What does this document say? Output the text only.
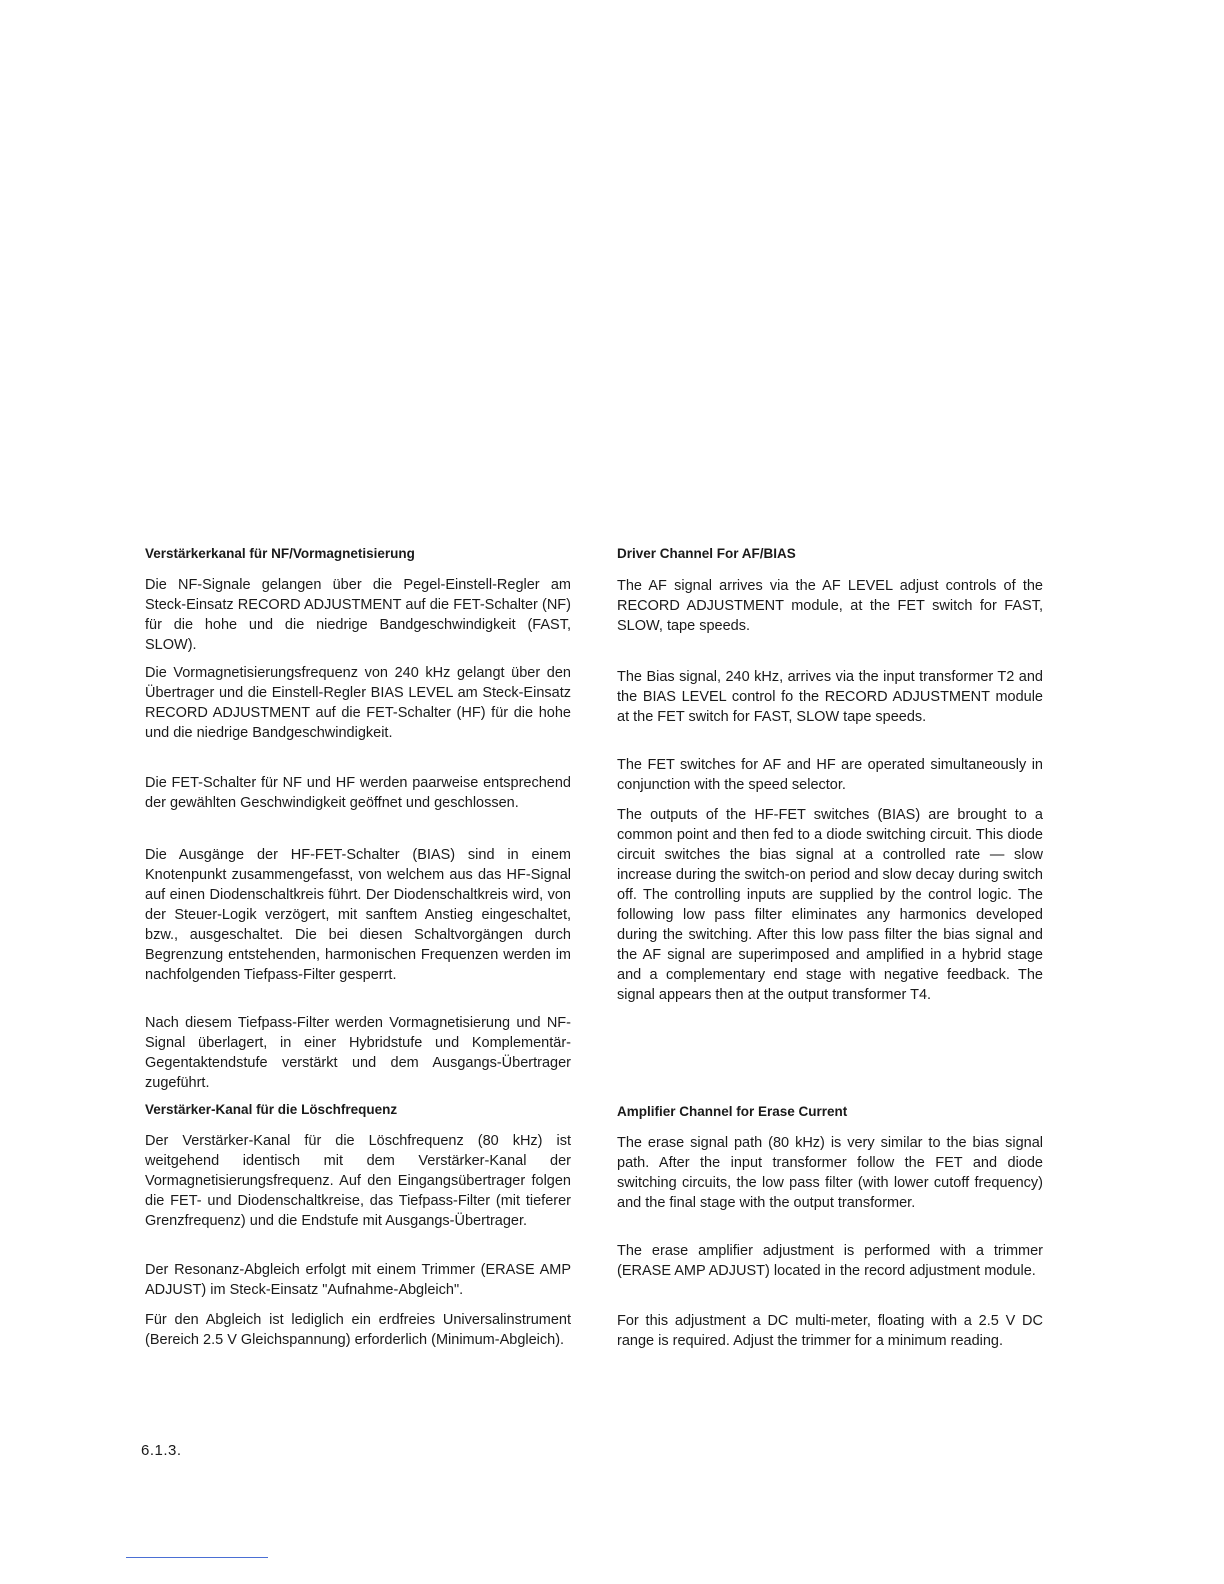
Verstärkerkanal für NF/Vormagnetisierung

Die NF-Signale gelangen über die Pegel-Einstell-Regler am Steck-Einsatz RECORD ADJUSTMENT auf die FET-Schalter (NF) für die hohe und die niedrige Bandgeschwindigkeit (FAST, SLOW).

Die Vormagnetisierungsfrequenz von 240 kHz gelangt über den Übertrager und die Einstell-Regler BIAS LEVEL am Steck-Einsatz RECORD ADJUSTMENT auf die FET-Schalter (HF) für die hohe und die niedrige Bandgeschwindigkeit.

Die FET-Schalter für NF und HF werden paarweise entsprechend der gewählten Geschwindigkeit geöffnet und geschlossen.

Die Ausgänge der HF-FET-Schalter (BIAS) sind in einem Knotenpunkt zusammengefasst, von welchem aus das HF-Signal auf einen Diodenschaltkreis führt. Der Diodenschaltkreis wird, von der Steuer-Logik verzögert, mit sanftem Anstieg eingeschaltet, bzw., ausgeschaltet. Die bei diesen Schaltvorgängen durch Begrenzung entstehenden, harmonischen Frequenzen werden im nachfolgenden Tiefpass-Filter gesperrt.

Nach diesem Tiefpass-Filter werden Vormagnetisierung und NF-Signal überlagert, in einer Hybridstufe und Komplementär-Gegentaktendstufe verstärkt und dem Ausgangs-Übertrager zugeführt.

Verstärker-Kanal für die Löschfrequenz

Der Verstärker-Kanal für die Löschfrequenz (80 kHz) ist weitgehend identisch mit dem Verstärker-Kanal der Vormagnetisierungsfrequenz. Auf den Eingangsübertrager folgen die FET- und Diodenschaltkreise, das Tiefpass-Filter (mit tieferer Grenzfrequenz) und die Endstufe mit Ausgangs-Übertrager.

Der Resonanz-Abgleich erfolgt mit einem Trimmer (ERASE AMP ADJUST) im Steck-Einsatz "Aufnahme-Abgleich".

Für den Abgleich ist lediglich ein erdfreies Universalinstrument (Bereich 2.5 V Gleichspannung) erforderlich (Minimum-Abgleich).

Driver Channel For AF/BIAS

The AF signal arrives via the AF LEVEL adjust controls of the RECORD ADJUSTMENT module, at the FET switch for FAST, SLOW, tape speeds.

The Bias signal, 240 kHz, arrives via the input transformer T2 and the BIAS LEVEL control fo the RECORD ADJUSTMENT module at the FET switch for FAST, SLOW tape speeds.

The FET switches for AF and HF are operated simultaneously in conjunction with the speed selector.

The outputs of the HF-FET switches (BIAS) are brought to a common point and then fed to a diode switching circuit. This diode circuit switches the bias signal at a controlled rate — slow increase during the switch-on period and slow decay during switch off. The controlling inputs are supplied by the control logic. The following low pass filter eliminates any harmonics developed during the switching. After this low pass filter the bias signal and the AF signal are superimposed and amplified in a hybrid stage and a complementary end stage with negative feedback. The signal appears then at the output transformer T4.

Amplifier Channel for Erase Current

The erase signal path (80 kHz) is very similar to the bias signal path. After the input transformer follow the FET and diode switching circuits, the low pass filter (with lower cutoff frequency) and the final stage with the output transformer.

The erase amplifier adjustment is performed with a trimmer (ERASE AMP ADJUST) located in the record adjustment module.

For this adjustment a DC multi-meter, floating with a 2.5 V DC range is required. Adjust the trimmer for a minimum reading.

6.1.3.
